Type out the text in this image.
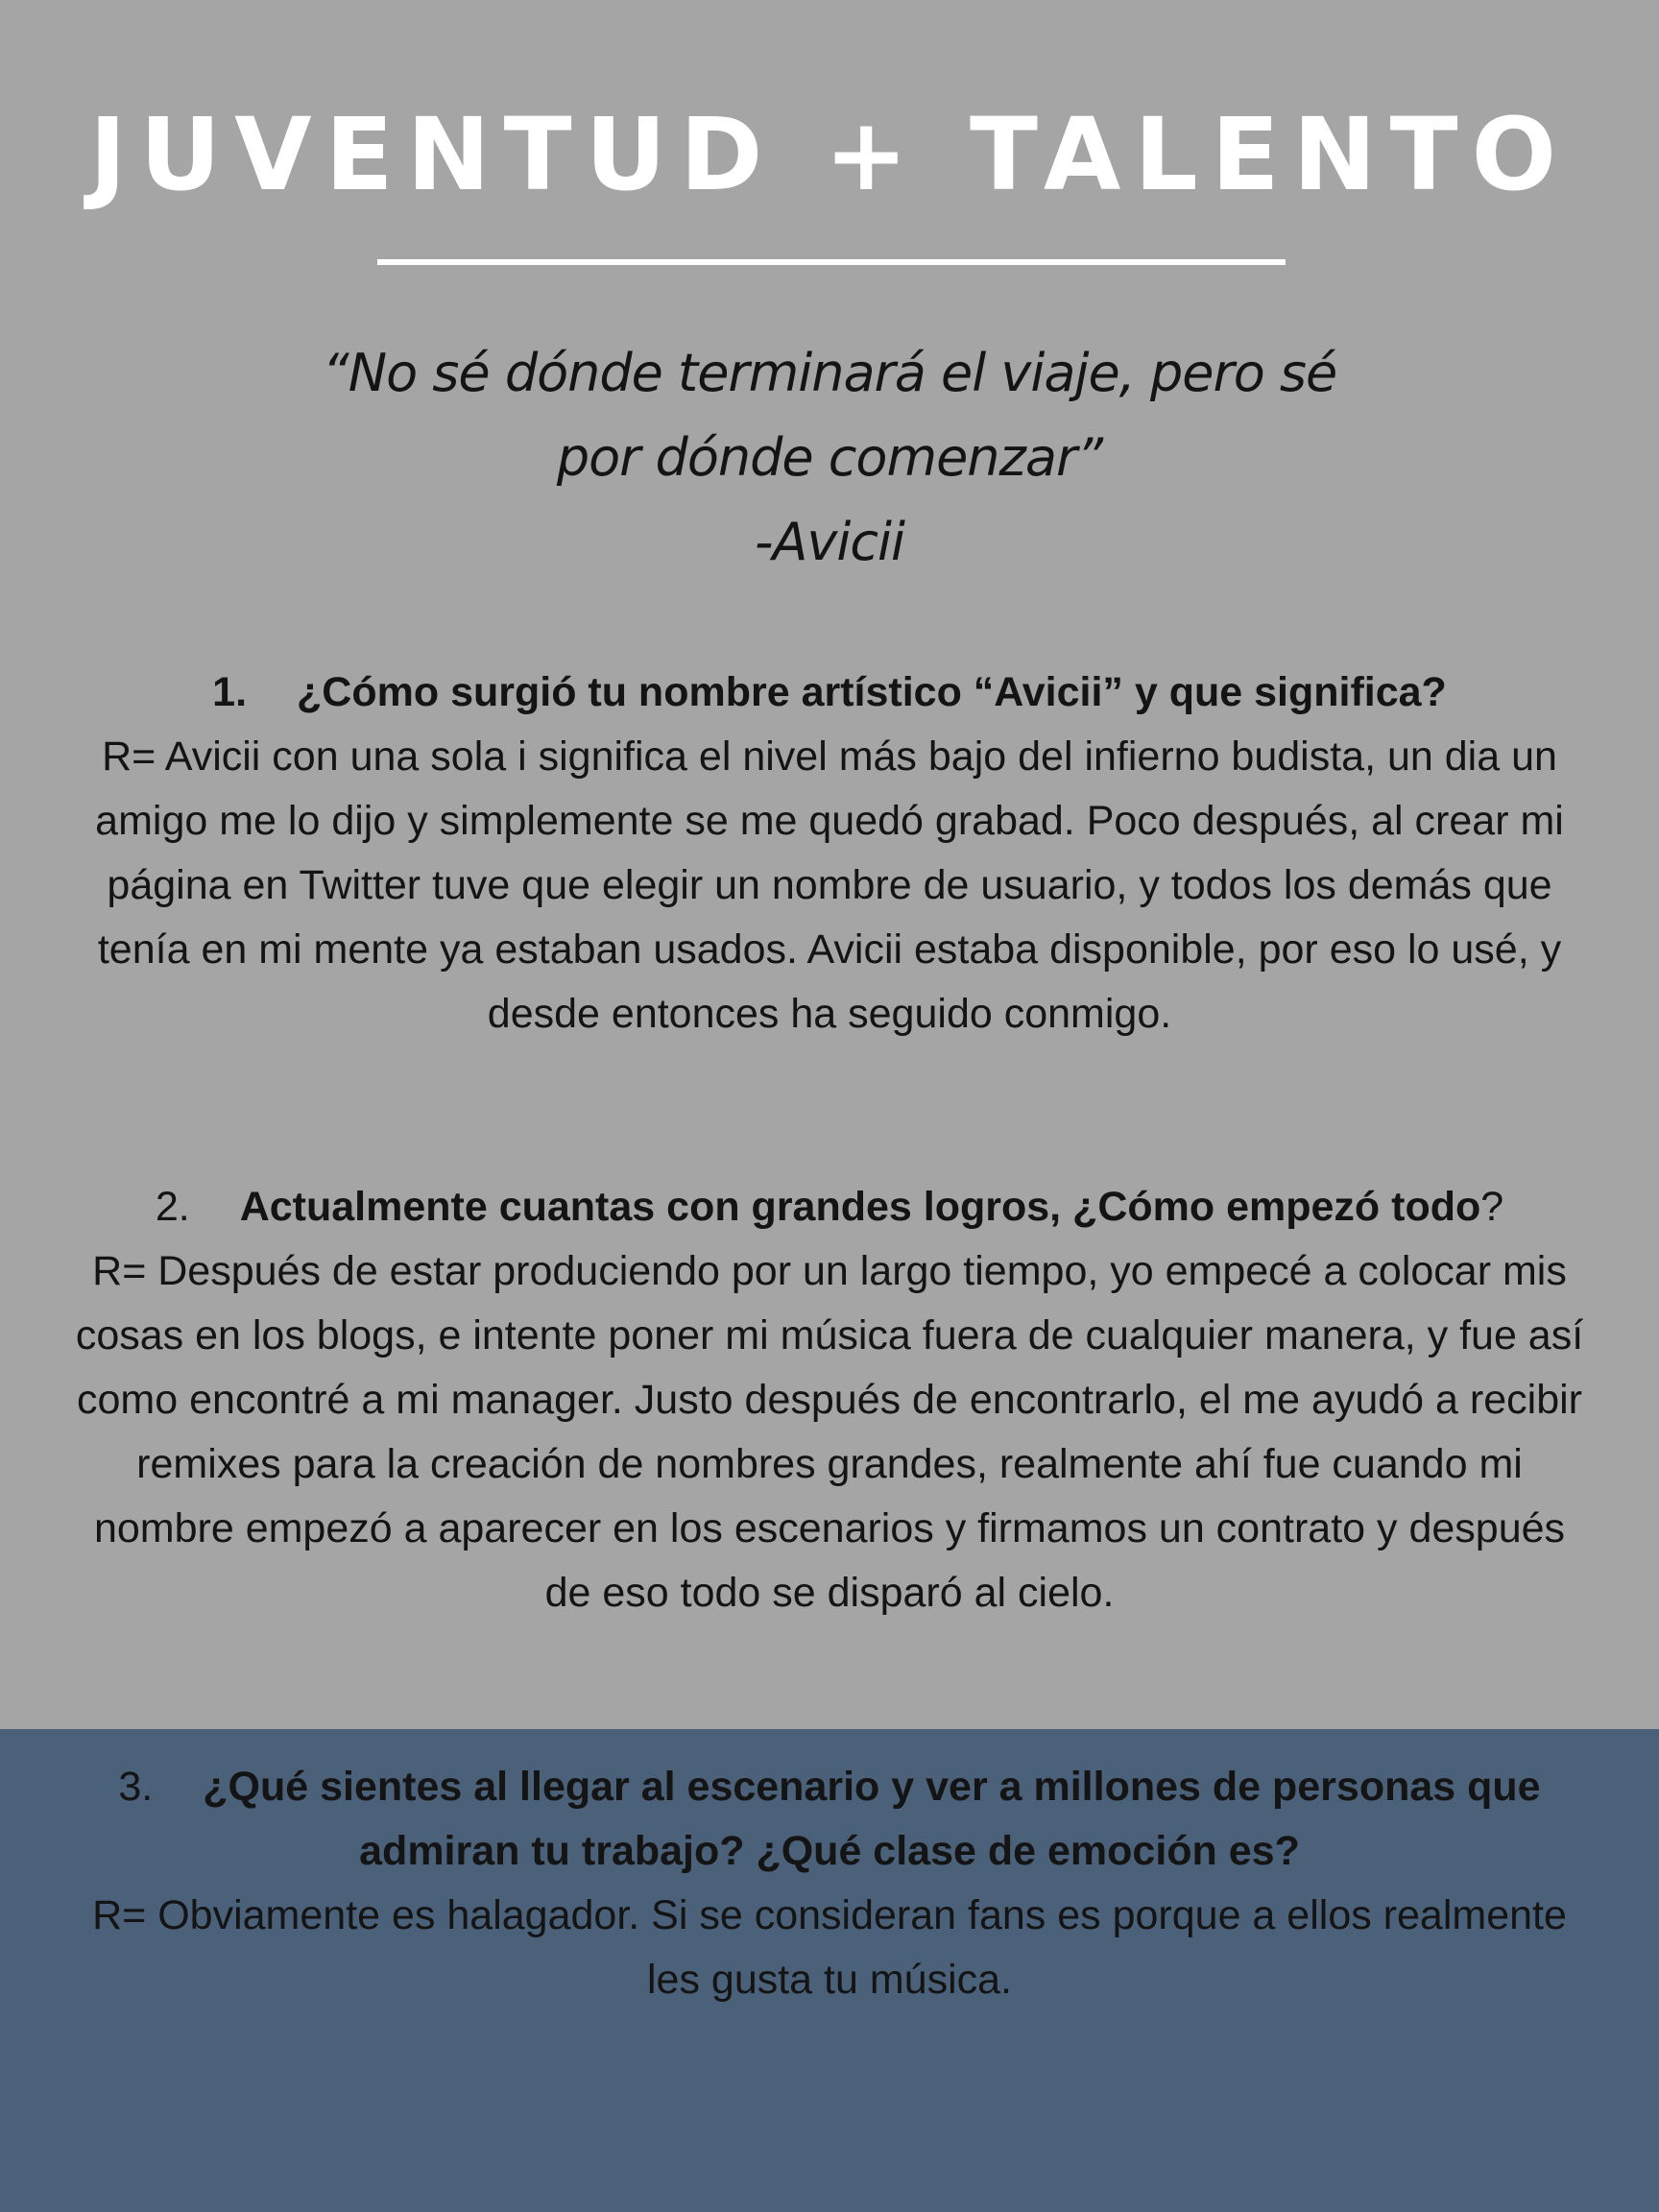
JUVENTUD + TALENTO
“No sé dónde terminará el viaje, pero sé
por dónde comenzar”
-Avicii
1. ¿Cómo surgió tu nombre artístico “Avicii” y que significa?
R= Avicii con una sola i significa el nivel más bajo del infierno budista, un dia un amigo me lo dijo y simplemente se me quedó grabad. Poco después, al crear mi página en Twitter tuve que elegir un nombre de usuario, y todos los demás que tenía en mi mente ya estaban usados. Avicii estaba disponible, por eso lo usé, y desde entonces ha seguido conmigo.
2. Actualmente cuantas con grandes logros, ¿Cómo empezó todo?
R= Después de estar produciendo por un largo tiempo, yo empecé a colocar mis cosas en los blogs, e intente poner mi música fuera de cualquier manera, y fue así como encontré a mi manager. Justo después de encontrarlo, el me ayudó a recibir remixes para la creación de nombres grandes, realmente ahí fue cuando mi nombre empezó a aparecer en los escenarios y firmamos un contrato y después de eso todo se disparó al cielo.
3. ¿Qué sientes al llegar al escenario y ver a millones de personas que admiran tu trabajo? ¿Qué clase de emoción es?
R= Obviamente es halagador. Si se consideran fans es porque a ellos realmente les gusta tu música.
